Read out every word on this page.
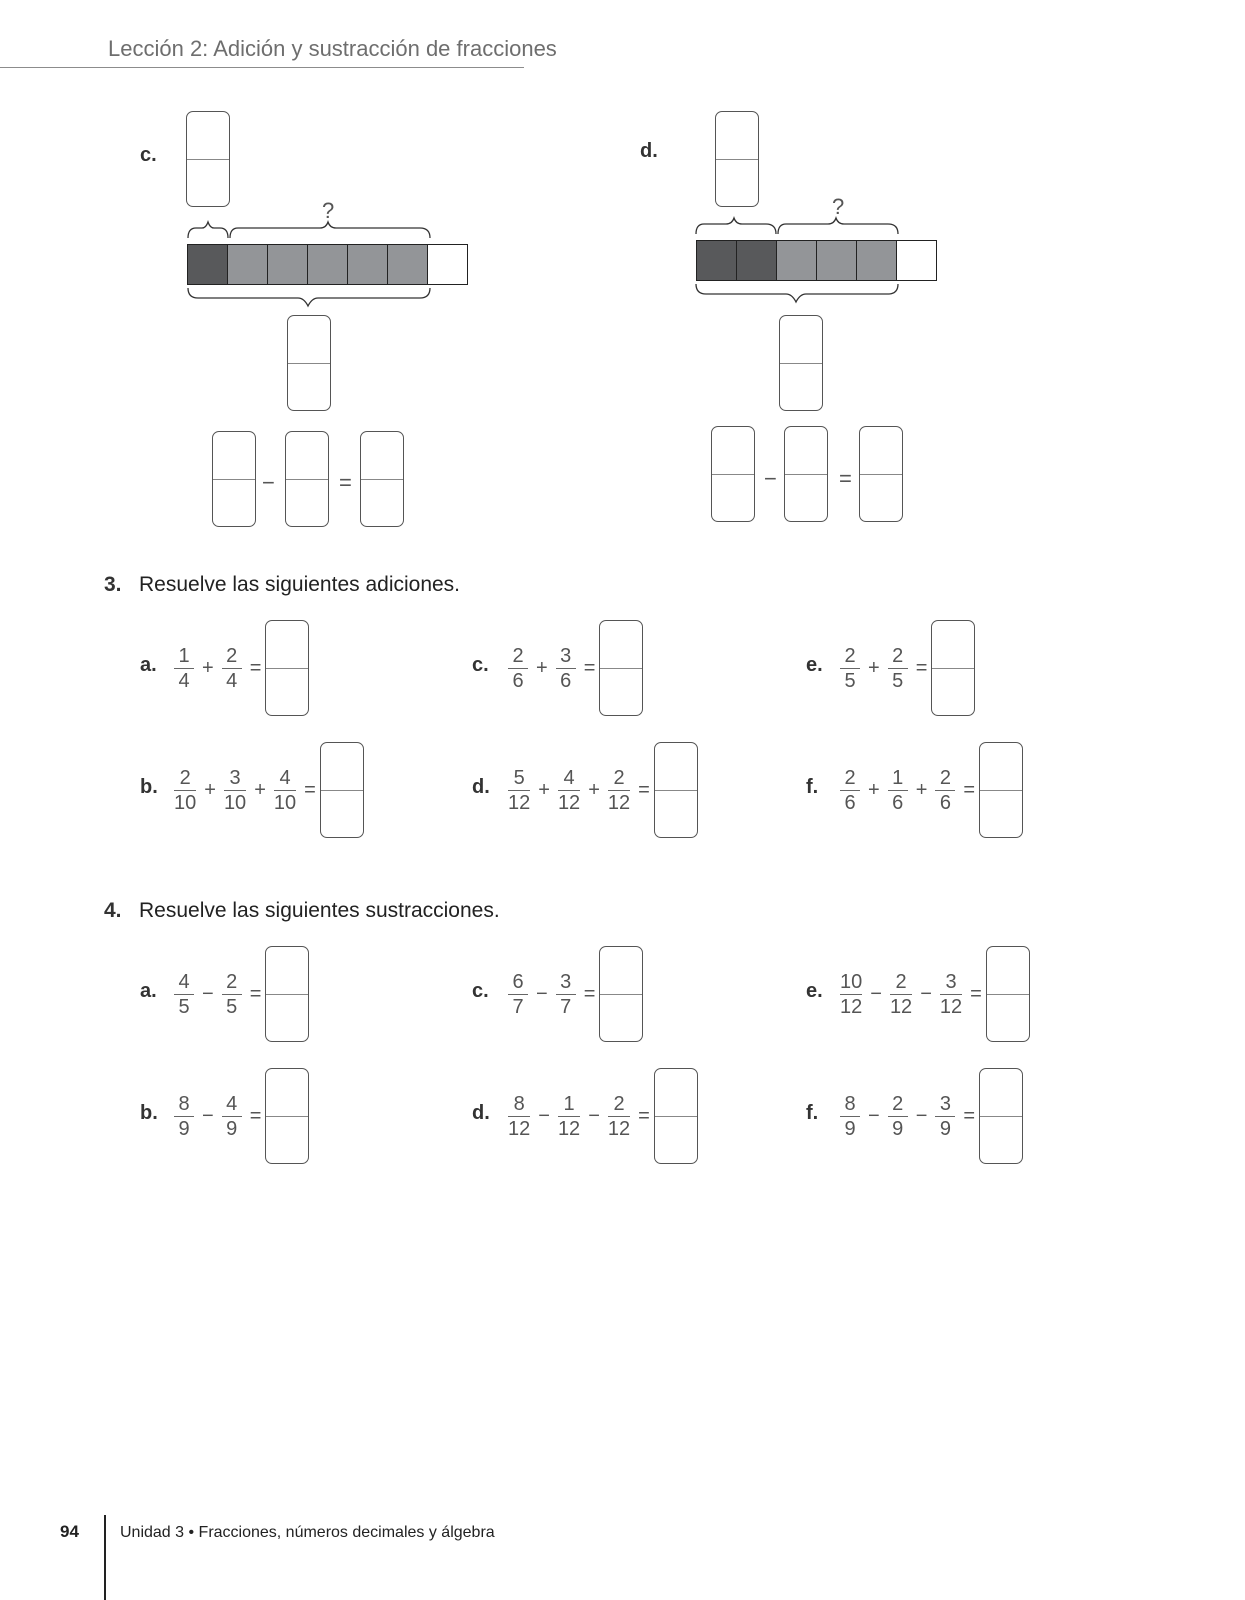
Lección 2: Adición y sustracción de fracciones
c.
?
−	=
d.
?
−	=
3. Resuelve las siguientes adiciones.
4. Resuelve las siguientes sustracciones.
a. $\frac{1}{4} + \frac{2}{4}$ =	c. $\frac{2}{6} + \frac{3}{6}$ =	e. $\frac{2}{5} + \frac{2}{5}$ =
b. $\frac{2}{10} + \frac{3}{10} + \frac{4}{10}$ =	d. $\frac{5}{12} + \frac{4}{12} + \frac{2}{12}$ =	f. $\frac{2}{6} + \frac{1}{6} + \frac{2}{6}$ =
a. $\frac{4}{5} - \frac{2}{5}$ =	c. $\frac{6}{7} - \frac{3}{7}$ =	e. $\frac{10}{12} - \frac{2}{12} - \frac{3}{12}$ =
b. $\frac{8}{9} - \frac{4}{9}$ =	d. $\frac{8}{12} - \frac{1}{12} - \frac{2}{12}$ =	f. $\frac{8}{9} - \frac{2}{9} - \frac{3}{9}$ =
94	Unidad 3 • Fracciones, números decimales y álgebra
